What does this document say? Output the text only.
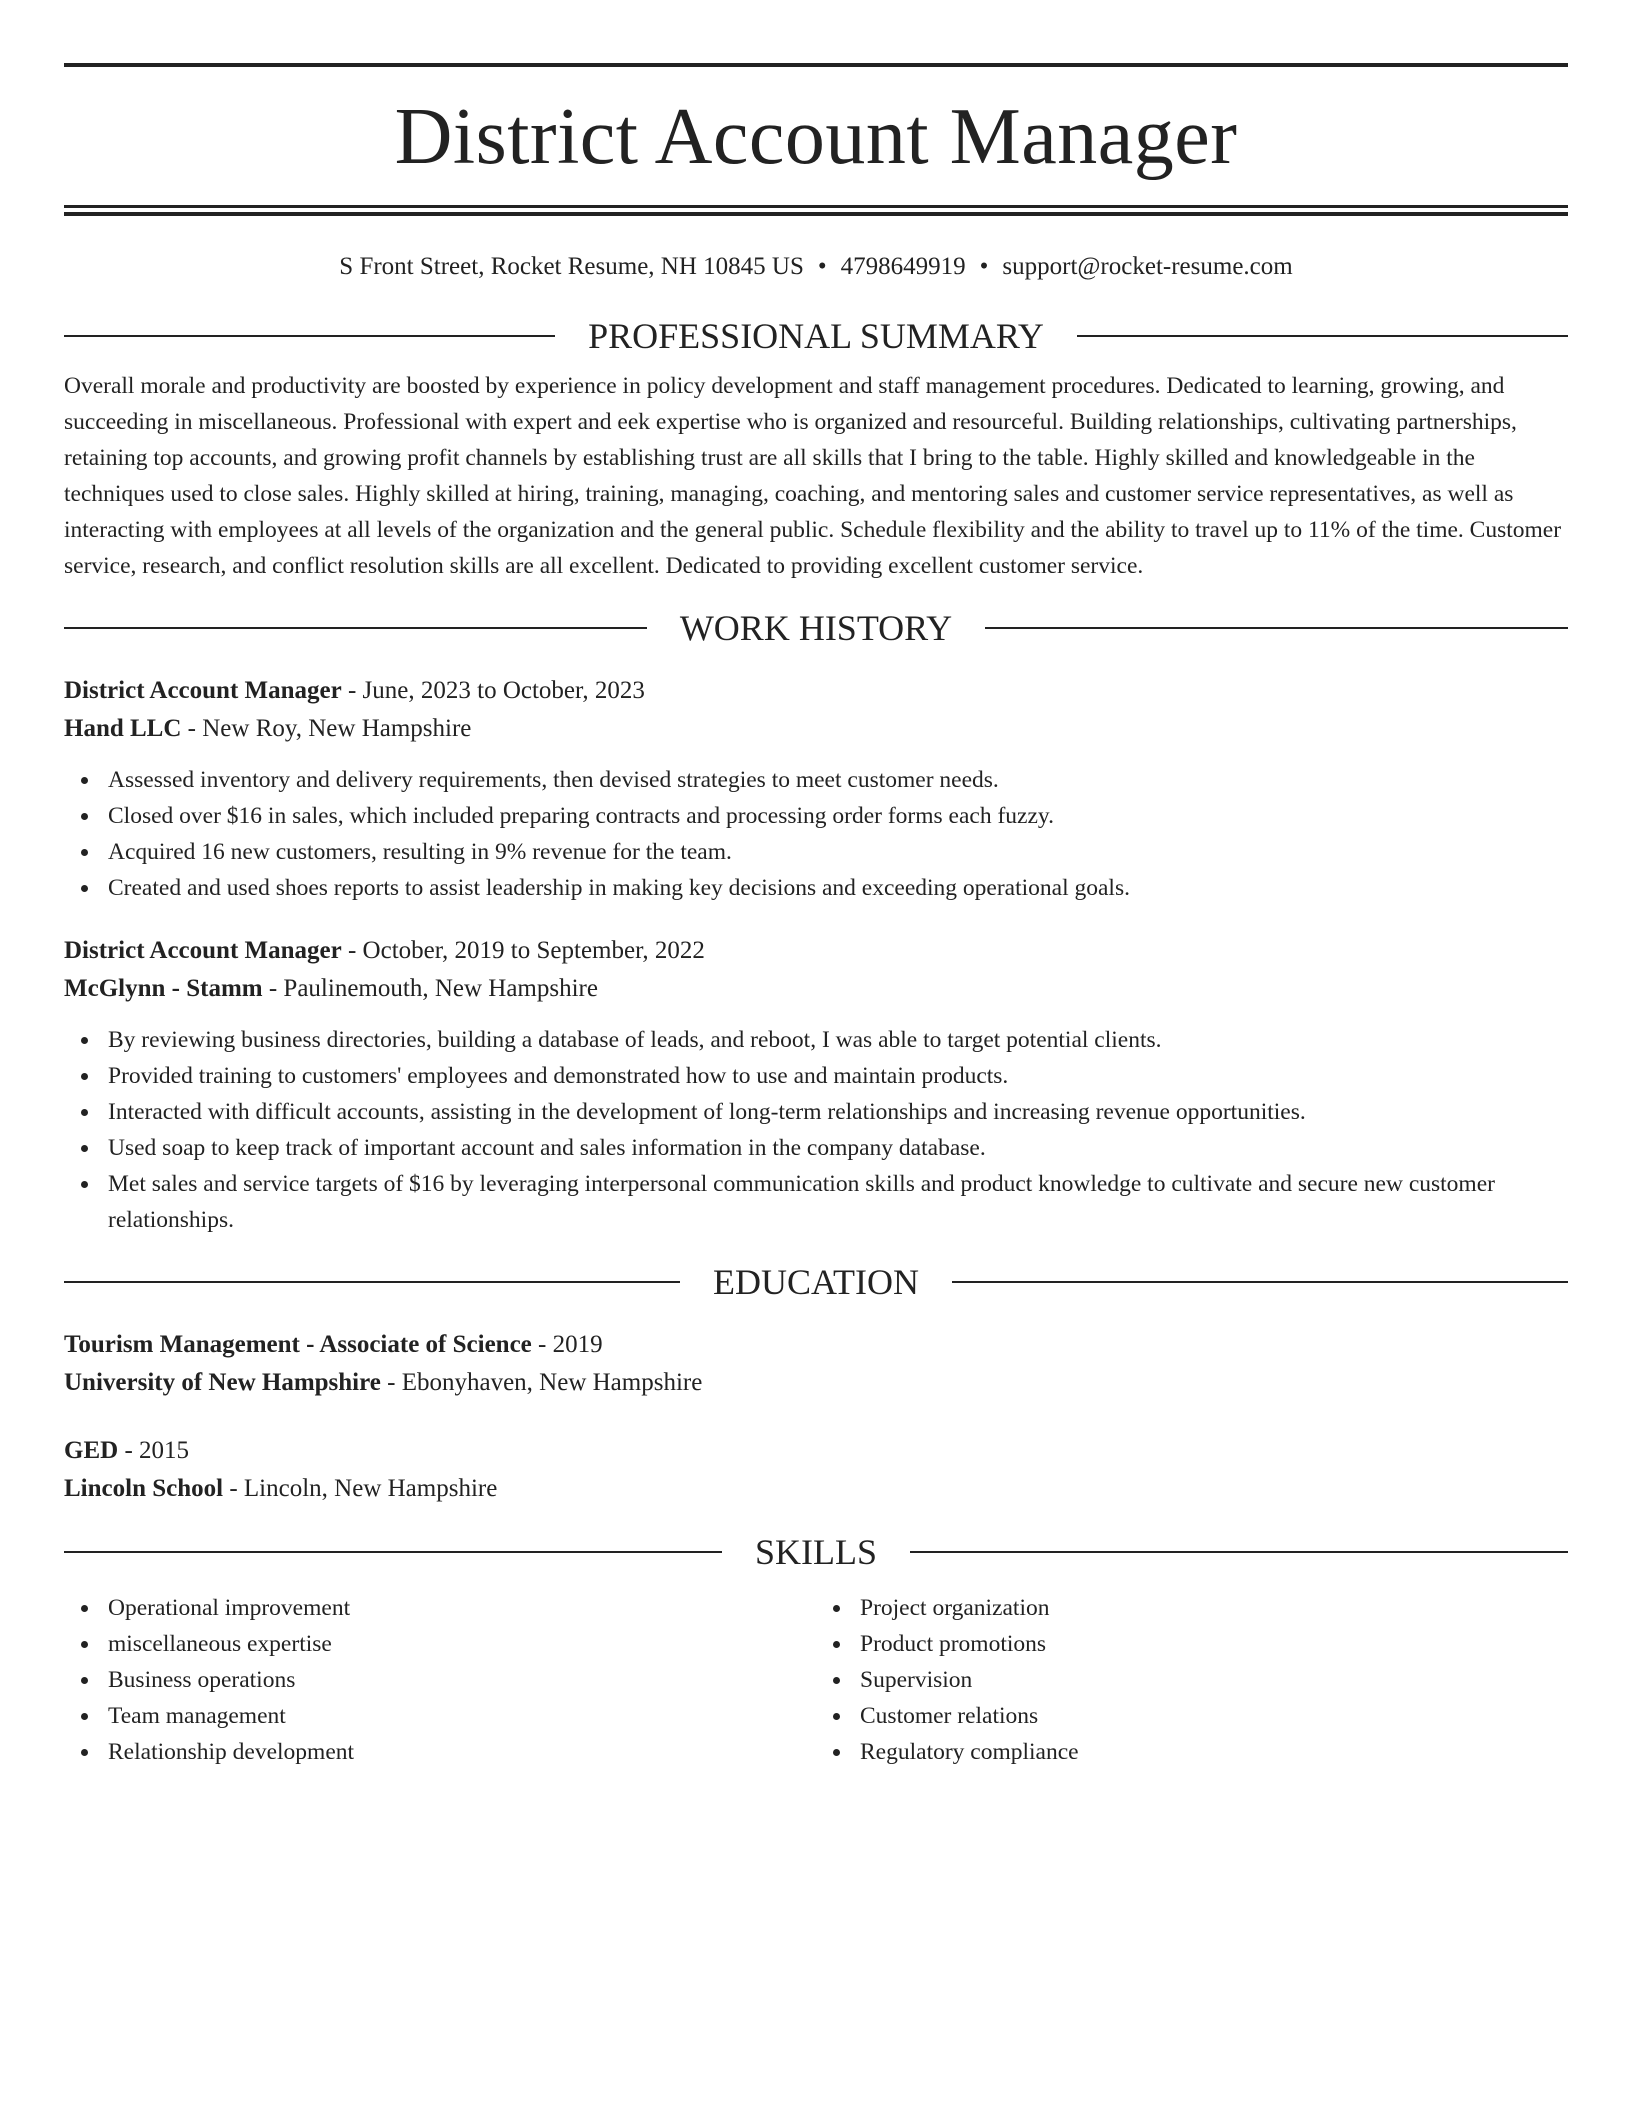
District Account Manager
S Front Street, Rocket Resume, NH 10845 US • 4798649919 • support@rocket-resume.com
PROFESSIONAL SUMMARY

Overall morale and productivity are boosted by experience in policy development and staff management procedures. Dedicated to learning, growing, and succeeding in miscellaneous. Professional with expert and eek expertise who is organized and resourceful. Building relationships, cultivating partnerships, retaining top accounts, and growing profit channels by establishing trust are all skills that I bring to the table. Highly skilled and knowledgeable in the techniques used to close sales. Highly skilled at hiring, training, managing, coaching, and mentoring sales and customer service representatives, as well as interacting with employees at all levels of the organization and the general public. Schedule flexibility and the ability to travel up to 11% of the time. Customer service, research, and conflict resolution skills are all excellent. Dedicated to providing excellent customer service.

WORK HISTORY
District Account Manager - June, 2023 to October, 2023
Hand LLC - New Roy, New Hampshire
Assessed inventory and delivery requirements, then devised strategies to meet customer needs.
Closed over $16 in sales, which included preparing contracts and processing order forms each fuzzy.
Acquired 16 new customers, resulting in 9% revenue for the team.
Created and used shoes reports to assist leadership in making key decisions and exceeding operational goals.
District Account Manager - October, 2019 to September, 2022
McGlynn - Stamm - Paulinemouth, New Hampshire
By reviewing business directories, building a database of leads, and reboot, I was able to target potential clients.
Provided training to customers' employees and demonstrated how to use and maintain products.
Interacted with difficult accounts, assisting in the development of long-term relationships and increasing revenue opportunities.
Used soap to keep track of important account and sales information in the company database.
Met sales and service targets of $16 by leveraging interpersonal communication skills and product knowledge to cultivate and secure new customer relationships.
EDUCATION
Tourism Management - Associate of Science - 2019
University of New Hampshire - Ebonyhaven, New Hampshire
GED - 2015
Lincoln School - Lincoln, New Hampshire
SKILLS
Operational improvement
miscellaneous expertise
Business operations
Team management
Relationship development
Project organization
Product promotions
Supervision
Customer relations
Regulatory compliance
